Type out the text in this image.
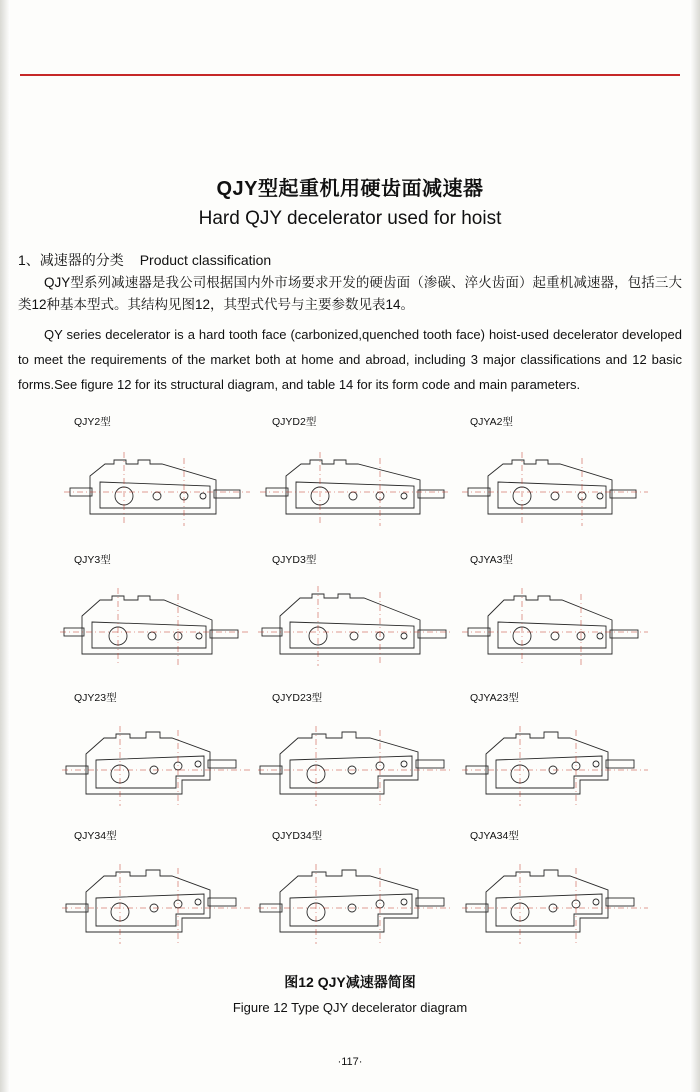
QJY型起重机用硬齿面减速器
Hard QJY decelerator used for hoist
1、减速器的分类 Product classification
QJY型系列减速器是我公司根据国内外市场要求开发的硬齿面（渗碳、淬火齿面）起重机减速器，包括三大类12种基本型式。其结构见图12，其型式代号与主要参数见表14。
QY series decelerator is a hard tooth face (carbonized,quenched tooth face) hoist-used decelerator developed to meet the requirements of the market both at home and abroad, including 3 major classifications and 12 basic forms.See figure 12 for its structural diagram, and table 14 for its form code and main parameters.
QJY2型	QJYD2型	QJYA2型
QJY3型	QJYD3型	QJYA3型
QJY23型	QJYD23型	QJYA23型
QJY34型	QJYD34型	QJYA34型
图12 QJY减速器简图
Figure 12 Type QJY decelerator diagram
·117·
